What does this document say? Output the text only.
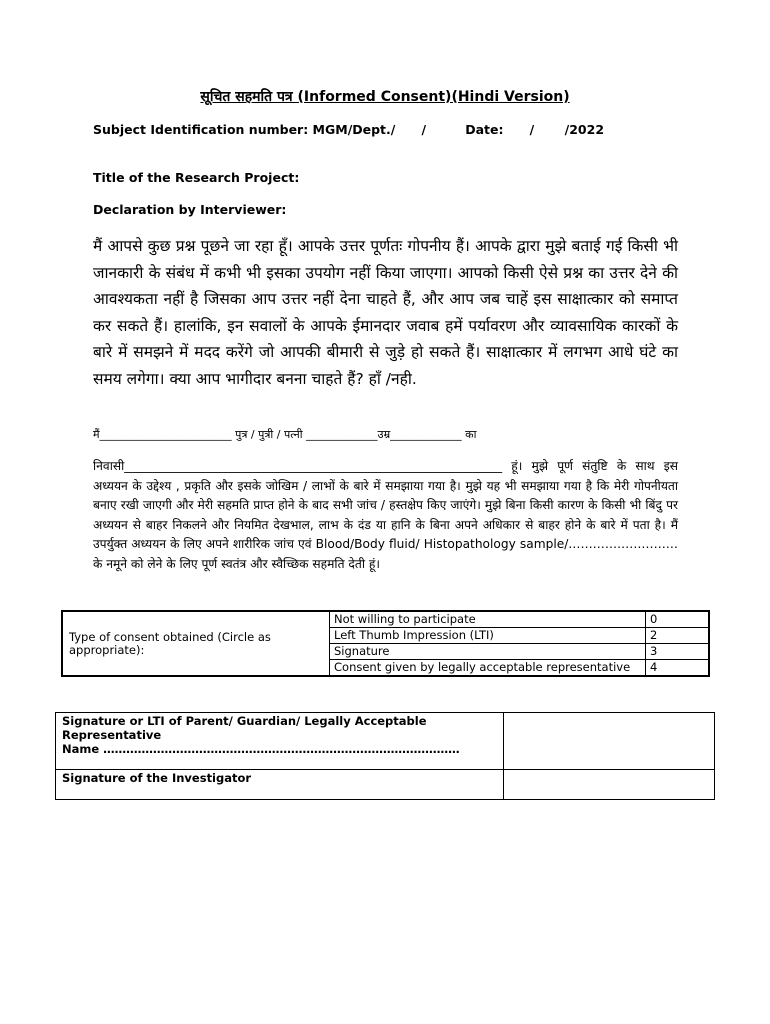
सूचित सहमति पत्र (Informed Consent)(Hindi Version)
Subject Identification number: MGM/Dept./ /	Date: / /2022
Title of the Research Project:
Declaration by Interviewer:
मैं आपसे कुछ प्रश्न पूछने जा रहा हूँ। आपके उत्तर पूर्णतः गोपनीय हैं। आपके द्वारा मुझे बताई गई किसी भी जानकारी के संबंध में कभी भी इसका उपयोग नहीं किया जाएगा। आपको किसी ऐसे प्रश्न का उत्तर देने की आवश्यकता नहीं है जिसका आप उत्तर नहीं देना चाहते हैं, और आप जब चाहें इस साक्षात्कार को समाप्त कर सकते हैं। हालांकि, इन सवालों के आपके ईमानदार जवाब हमें पर्यावरण और व्यावसायिक कारकों के बारे में समझने में मदद करेंगे जो आपकी बीमारी से जुड़े हो सकते हैं। साक्षात्कार में लगभग आधे घंटे का समय लगेगा। क्या आप भागीदार बनना चाहते हैं? हाँ /नही.
मैं________________________ पुत्र / पुत्री / पत्नी _____________उम्र_____________ का
निवासी______________________________________________________________ हूं। मुझे पूर्ण संतुष्टि के साथ इस अध्ययन के उद्देश्य , प्रकृति और इसके जोखिम / लाभों के बारे में समझाया गया है। मुझे यह भी समझाया गया है कि मेरी गोपनीयता बनाए रखी जाएगी और मेरी सहमति प्राप्त होने के बाद सभी जांच / हस्तक्षेप किए जाएंगे। मुझे बिना किसी कारण के किसी भी बिंदु पर अध्ययन से बाहर निकलने और नियमित देखभाल, लाभ के दंड या हानि के बिना अपने अधिकार से बाहर होने के बारे में पता है। मैं उपर्युक्त अध्ययन के लिए अपने शारीरिक जांच एवं Blood/Body fluid/ Histopathology sample/……………………… के नमूने को लेने के लिए पूर्ण स्वतंत्र और स्वैच्छिक सहमति देती हूं।
Type of consent obtained (Circle as appropriate):	Not willing to participate	0
	Left Thumb Impression (LTI)	2
	Signature	3
	Consent given by legally acceptable representative	4
Signature or LTI of Parent/ Guardian/ Legally Acceptable Representative
Name …………………………………………………………………………………	

Signature of the Investigator	
